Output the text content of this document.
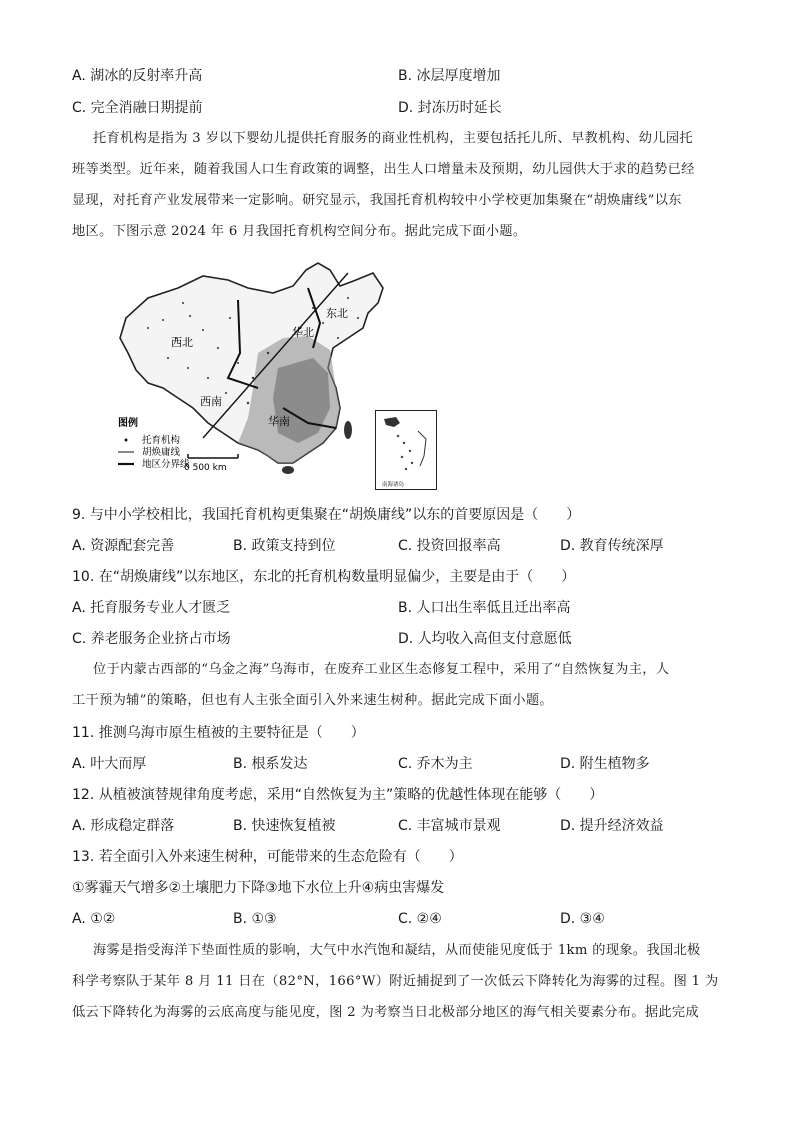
A. 湖冰的反射率升高	B. 冰层厚度增加
C. 完全消融日期提前	D. 封冻历时延长
托育机构是指为 3 岁以下婴幼儿提供托育服务的商业性机构，主要包括托儿所、早教机构、幼儿园托
班等类型。近年来，随着我国人口生育政策的调整，出生人口增量未及预期，幼儿园供大于求的趋势已经
显现，对托育产业发展带来一定影响。研究显示，我国托育机构较中小学校更加集聚在“胡焕庸线”以东
地区。下图示意 2024 年 6 月我国托育机构空间分布。据此完成下面小题。
西北
华北
东北
西南
华南
图例
托育机构
胡焕庸线
地区分界线
0 500 km
南海诸岛
9. 与中小学校相比，我国托育机构更集聚在“胡焕庸线”以东的首要原因是（　　）
A. 资源配套完善	B. 政策支持到位	C. 投资回报率高	D. 教育传统深厚
10. 在“胡焕庸线”以东地区，东北的托育机构数量明显偏少，主要是由于（　　）
A. 托育服务专业人才匮乏	B. 人口出生率低且迁出率高
C. 养老服务企业挤占市场	D. 人均收入高但支付意愿低
位于内蒙古西部的“乌金之海”乌海市，在废弃工业区生态修复工程中，采用了“自然恢复为主，人
工干预为辅”的策略，但也有人主张全面引入外来速生树种。据此完成下面小题。
11. 推测乌海市原生植被的主要特征是（　　）
A. 叶大而厚	B. 根系发达	C. 乔木为主	D. 附生植物多
12. 从植被演替规律角度考虑，采用“自然恢复为主”策略的优越性体现在能够（　　）
A. 形成稳定群落	B. 快速恢复植被	C. 丰富城市景观	D. 提升经济效益
13. 若全面引入外来速生树种，可能带来的生态危险有（　　）
①雾霾天气增多②土壤肥力下降③地下水位上升④病虫害爆发
A. ①②	B. ①③	C. ②④	D. ③④
海雾是指受海洋下垫面性质的影响，大气中水汽饱和凝结，从而使能见度低于 1km 的现象。我国北极
科学考察队于某年 8 月 11 日在（82°N，166°W）附近捕捉到了一次低云下降转化为海雾的过程。图 1 为
低云下降转化为海雾的云底高度与能见度，图 2 为考察当日北极部分地区的海气相关要素分布。据此完成
